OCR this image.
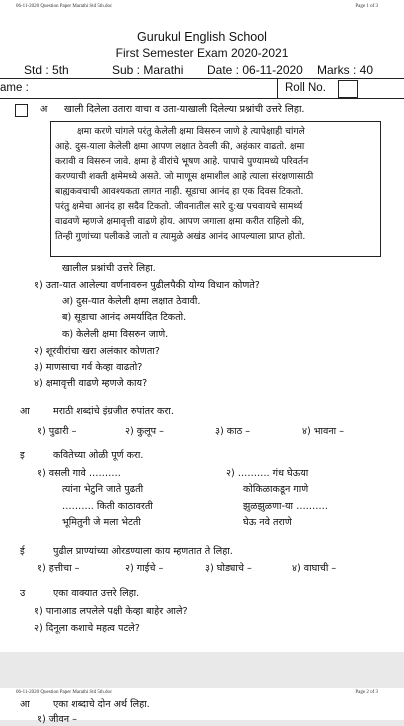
06-11-2020 Question Paper Marathi Std 5th.doc	Page 1 of 3
Gurukul English School
First Semester Exam 2020-2021
Std : 5th	Sub : Marathi Date : 06-11-2020 Marks : 40
ame :	Roll No.
अ खाली दिलेला उतारा वाचा व उता-याखाली दिलेल्या प्रश्नांची उत्तरे लिहा.
क्षमा करणे चांगले परंतु केलेली क्षमा विसरुन जाणे हे त्यापेक्षाही चांगले
आहे. दुस-याला केलेली क्षमा आपण लक्षात ठेवली की, अहंकार वाढतो. क्षमा
करावी व विसरुन जावे. क्षमा हे वीरांचे भूषण आहे. पापाचे पुण्यामध्ये परिवर्तन
करण्याची शक्ती क्षमेमध्ये असते. जो माणूस क्षमाशील आहे त्याला संरक्षणासाठी
बाह्यकवचाची आवश्यकता लागत नाही. सूडाचा आनंद हा एक दिवस टिकतो.
परंतु क्षमेचा आनंद हा सदैव टिकतो. जीवनातील सारे दु:ख पचवायचे सामर्थ्य
वाढवणे म्हणजे क्षमावृत्ती वाढणे होय. आपण जगाला क्षमा करीत राहिलो की,
तिन्ही गुणांच्या पलीकडे जातो व त्यामुळे अखंड आनंद आपल्याला प्राप्त होतो.
खालील प्रश्नांची उत्तरे लिहा.
१) उता-यात आलेल्या वर्णनावरुन पुढीलपैकी योग्य विधान कोणते?
अ) दुस-यात केलेली क्षमा लक्षात ठेवावी.
ब) सूडाचा आनंद अमर्यादित टिकतो.
क) केलेली क्षमा विसरुन जाणे.
२) शूरवीरांचा खरा अलंकार कोणता?
३) माणसाचा गर्व केव्हा वाढतो?
४) क्षमावृत्ती वाढणे म्हणजे काय?
आ मराठी शब्दांचे इंग्रजीत रुपांतर करा.
१) पुढारी –	२) कुलूप –	३) काठ –	४) भावना –
इ	कवितेच्या ओळी पूर्ण करा.
१) वसली गावे ……….
त्यांना भेटुनि जाते पुढती
………. किती काठावरती
भूमितुनी जे मला भेटती
२) ………. गंध घेऊया
कोकिळाकडून गाणे
झुळझुळणा-या ……….
घेऊ नवे तराणे
ई	पुढील प्राण्यांच्या ओरडण्याला काय म्हणतात ते लिहा.
१) हत्तीचा –	२) गाईचे –	३) घोड्याचे –	४) वाघाची –
उ	एका वाक्यात उत्तरे लिहा.
१) पानाआड लपलेले पक्षी केव्हा बाहेर आले?
२) दिनूला कशाचे महत्व पटले?
06-11-2020 Question Paper Marathi Std 5th.doc	Page 2 of 3
आ एका शब्दाचे दोन अर्थ लिहा.
१) जीवन –
